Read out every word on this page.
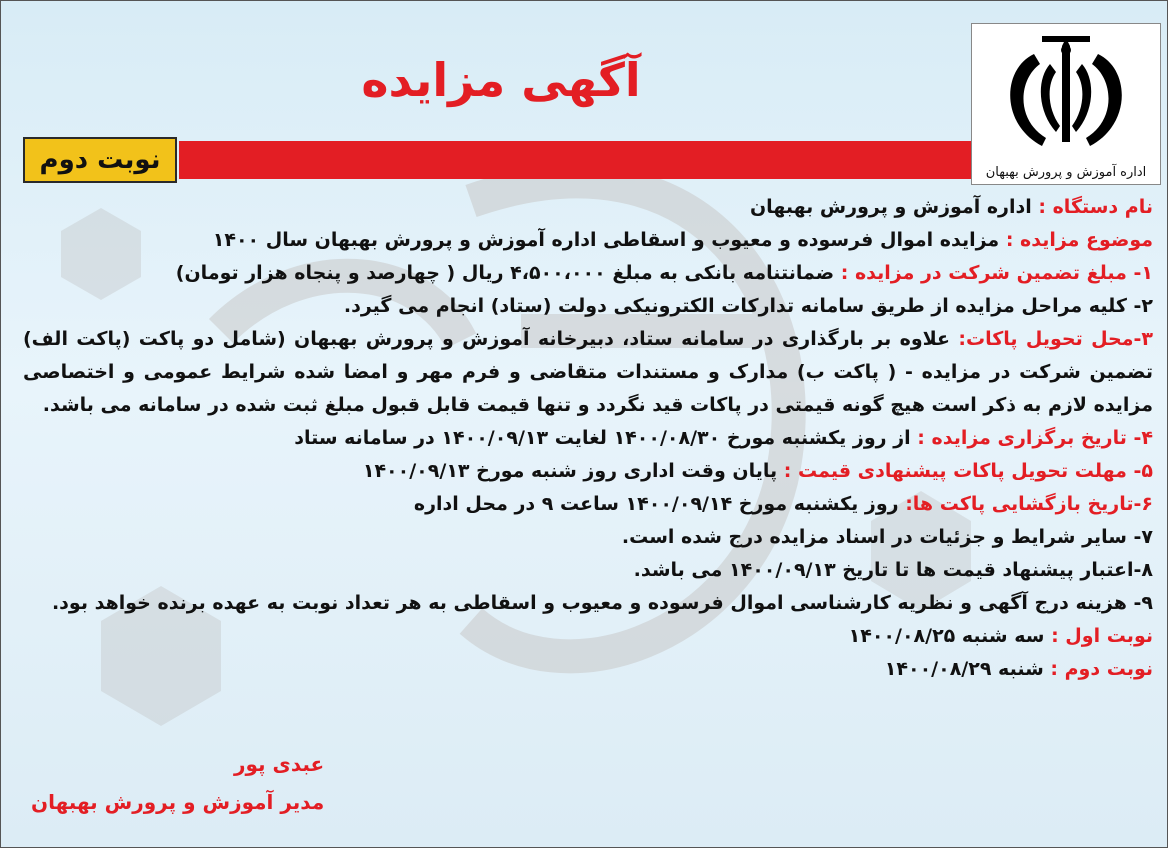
اداره آموزش و پرورش بهبهان
آگهی مزایده
نوبت دوم

نام دستگاه : اداره آموزش و پرورش بهبهان

موضوع مزایده : مزایده اموال فرسوده و معیوب و اسقاطی اداره آموزش و پرورش بهبهان سال ۱۴۰۰

۱- مبلغ تضمین شرکت در مزایده : ضمانتنامه بانکی به مبلغ ۴،۵۰۰،۰۰۰ ریال ( چهارصد و پنجاه هزار تومان)

۲- کلیه مراحل مزایده از طریق سامانه تدارکات الکترونیکی دولت (ستاد) انجام می گیرد.

۳-محل تحویل پاکات: علاوه بر بارگذاری در سامانه ستاد، دبیرخانه آموزش و پرورش بهبهان (شامل دو پاکت (پاکت الف) تضمین شرکت در مزایده - ( پاکت ب) مدارک و مستندات متقاضی و فرم مهر و امضا شده شرایط عمومی و اختصاصی مزایده لازم به ذکر است هیچ گونه قیمتی در پاکات قید نگردد و تنها قیمت قابل قبول مبلغ ثبت شده در سامانه می باشد.

۴- تاریخ برگزاری مزایده : از روز یکشنبه مورخ ۱۴۰۰/۰۸/۳۰ لغایت ۱۴۰۰/۰۹/۱۳ در سامانه ستاد

۵- مهلت تحویل پاکات پیشنهادی قیمت : پایان وقت اداری روز شنبه مورخ ۱۴۰۰/۰۹/۱۳

۶-تاریخ بازگشایی پاکت ها: روز یکشنبه مورخ ۱۴۰۰/۰۹/۱۴ ساعت ۹ در محل اداره

۷- سایر شرایط و جزئیات در اسناد مزایده درج شده است.

۸-اعتبار پیشنهاد قیمت ها تا تاریخ ۱۴۰۰/۰۹/۱۳ می باشد.

۹- هزینه درج آگهی و نظریه کارشناسی اموال فرسوده و معیوب و اسقاطی به هر تعداد نوبت به عهده برنده خواهد بود.

نوبت اول : سه شنبه ۱۴۰۰/۰۸/۲۵

نوبت دوم : شنبه ۱۴۰۰/۰۸/۲۹

عبدی پور
مدیر آموزش و پرورش بهبهان
